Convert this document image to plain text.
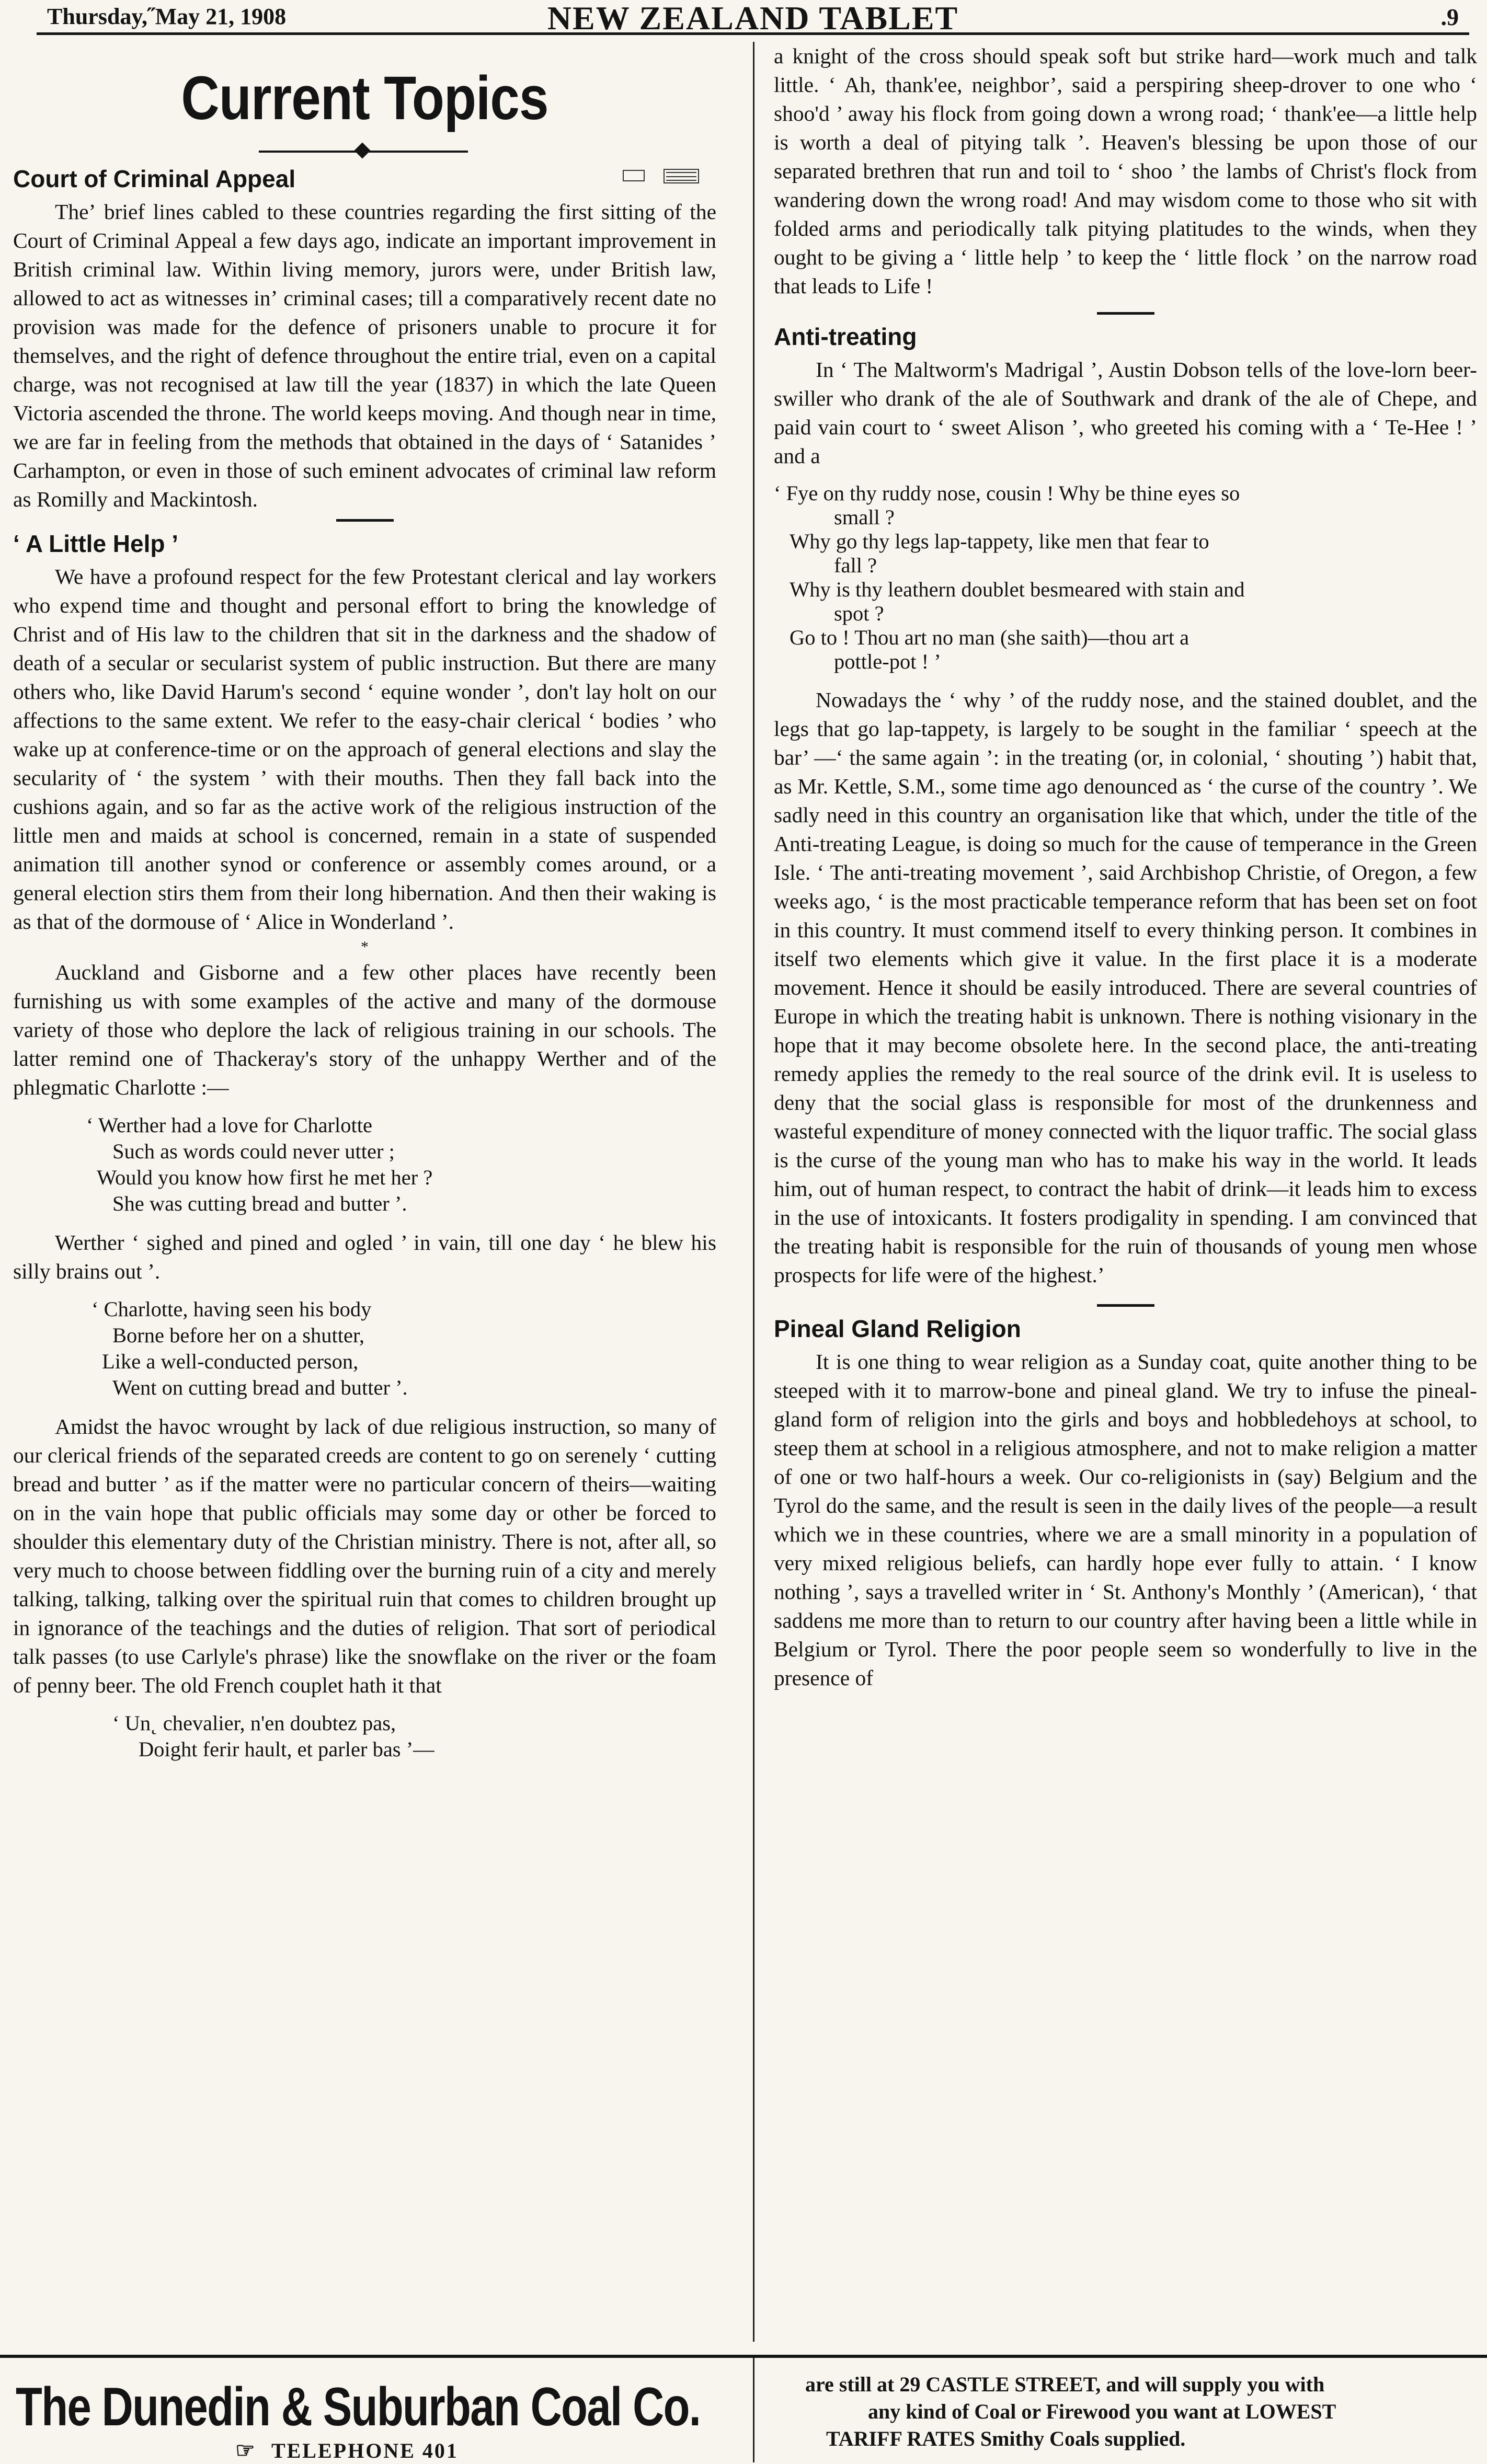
Thursday,˝May 21, 1908	NEW ZEALAND TABLET	.9
Current Topics
Court of Criminal Appeal

Theʼ brief lines cabled to these countries regarding the first sitting of the Court of Criminal Appeal a few days ago, indicate an important improvement in British criminal law. Within living memory, jurors were, under British law, allowed to act as witnesses inʼ criminal cases; till a comparatively recent date no provision was made for the defence of prisoners unable to procure it for themselves, and the right of defence throughout the entire trial, even on a capital charge, was not recognised at law till the year (1837) in which the late Queen Victoria ascended the throne. The world keeps moving. And though near in time, we are far in feeling from the methods that obtained in the days of ‘ Satanides ’ Carhampton, or even in those of such eminent advocates of criminal law reform as Romilly and Mackintosh.

‘ A Little Help ’

We have a profound respect for the few Protestant clerical and lay workers who expend time and thought and personal effort to bring the knowledge of Christ and of His law to the children that sit in the darkness and the shadow of death of a secular or secularist system of public instruction. But there are many others who, like David Harum's second ‘ equine wonder ’, don't lay holt on our affections to the same extent. We refer to the easy-chair clerical ‘ bodies ’ who wake up at conference-time or on the approach of general elections and slay the secularity of ‘ the system ’ with their mouths. Then they fall back into the cushions again, and so far as the active work of the religious instruction of the little men and maids at school is concerned, remain in a state of suspended animation till another synod or conference or assembly comes around, or a general election stirs them from their long hibernation. And then their waking is as that of the dormouse of ‘ Alice in Wonderland ’.

*

Auckland and Gisborne and a few other places have recently been furnishing us with some examples of the active and many of the dormouse variety of those who deplore the lack of religious training in our schools. The latter remind one of Thackeray's story of the unhappy Werther and of the phlegmatic Charlotte :—

‘ Werther had a love for Charlotte
Such as words could never utter ;
Would you know how first he met her ?
She was cutting bread and butter ’.

Werther ‘ sighed and pined and ogled ’ in vain, till one day ‘ he blew his silly brains out ’.

‘ Charlotte, having seen his body
Borne before her on a shutter,
Like a well-conducted person,
Went on cutting bread and butter ’.

Amidst the havoc wrought by lack of due religious instruction, so many of our clerical friends of the separated creeds are content to go on serenely ‘ cutting bread and butter ’ as if the matter were no particular concern of theirs—waiting on in the vain hope that public officials may some day or other be forced to shoulder this elementary duty of the Christian ministry. There is not, after all, so very much to choose between fiddling over the burning ruin of a city and merely talking, talking, talking over the spiritual ruin that comes to children brought up in ignorance of the teachings and the duties of religion. That sort of periodical talk passes (to use Carlyle's phrase) like the snowflake on the river or the foam of penny beer. The old French couplet hath it that

‘ Un˛ chevalier, n'en doubtez pas,
Doight ferir hault, et parler bas ’—

a knight of the cross should speak soft but strike hard—work much and talk little. ‘ Ah, thank'ee, neighbor’, said a perspiring sheep-drover to one who ‘ shoo'd ’ away his flock from going down a wrong road; ‘ thank'ee—a little help is worth a deal of pitying talk ’. Heaven's blessing be upon those of our separated brethren that run and toil to ‘ shoo ’ the lambs of Christ's flock from wandering down the wrong road! And may wisdom come to those who sit with folded arms and periodically talk pitying platitudes to the winds, when they ought to be giving a ‘ little help ’ to keep the ‘ little flock ’ on the narrow road that leads to Life !

Anti-treating

In ‘ The Maltworm's Madrigal ’, Austin Dobson tells of the love-lorn beer-swiller who drank of the ale of Southwark and drank of the ale of Chepe, and paid vain court to ‘ sweet Alison ’, who greeted his coming with a ‘ Te-Hee ! ’ and a

‘ Fye on thy ruddy nose, cousin ! Why be thine eyes so
small ?
Why go thy legs lap-tappety, like men that fear to
fall ?
Why is thy leathern doublet besmeared with stain and
spot ?
Go to ! Thou art no man (she saith)—thou art a
pottle-pot ! ’

Nowadays the ‘ why ’ of the ruddy nose, and the stained doublet, and the legs that go lap-tappety, is largely to be sought in the familiar ‘ speech at the bar’ —‘ the same again ’: in the treating (or, in colonial, ‘ shouting ’) habit that, as Mr. Kettle, S.M., some time ago denounced as ‘ the curse of the country ’. We sadly need in this country an organisation like that which, under the title of the Anti-treating League, is doing so much for the cause of temperance in the Green Isle. ‘ The anti-treating movement ’, said Archbishop Christie, of Oregon, a few weeks ago, ‘ is the most practicable temperance reform that has been set on foot in this country. It must commend itself to every thinking person. It combines in itself two elements which give it value. In the first place it is a moderate movement. Hence it should be easily introduced. There are several countries of Europe in which the treating habit is unknown. There is nothing visionary in the hope that it may become obsolete here. In the second place, the anti-treating remedy applies the remedy to the real source of the drink evil. It is useless to deny that the social glass is responsible for most of the drunkenness and wasteful expenditure of money connected with the liquor traffic. The social glass is the curse of the young man who has to make his way in the world. It leads him, out of human respect, to contract the habit of drink—it leads him to excess in the use of intoxicants. It fosters prodigality in spending. I am convinced that the treating habit is responsible for the ruin of thousands of young men whose prospects for life were of the highest.’

Pineal Gland Religion

It is one thing to wear religion as a Sunday coat, quite another thing to be steeped with it to marrow-bone and pineal gland. We try to infuse the pineal-gland form of religion into the girls and boys and hobbledehoys at school, to steep them at school in a religious atmosphere, and not to make religion a matter of one or two half-hours a week. Our co-religionists in (say) Belgium and the Tyrol do the same, and the result is seen in the daily lives of the people—a result which we in these countries, where we are a small minority in a population of very mixed religious beliefs, can hardly hope ever fully to attain. ‘ I know nothing ’, says a travelled writer in ‘ St. Anthony's Monthly ’ (American), ‘ that saddens me more than to return to our country after having been a little while in Belgium or Tyrol. There the poor people seem so wonderfully to live in the presence of

The Dunedin & Suburban Coal Co.
☞ TELEPHONE 401
are still at 29 CASTLE STREET, and will supply you with
any kind of Coal or Firewood you want at LOWEST
TARIFF RATES Smithy Coals supplied.
